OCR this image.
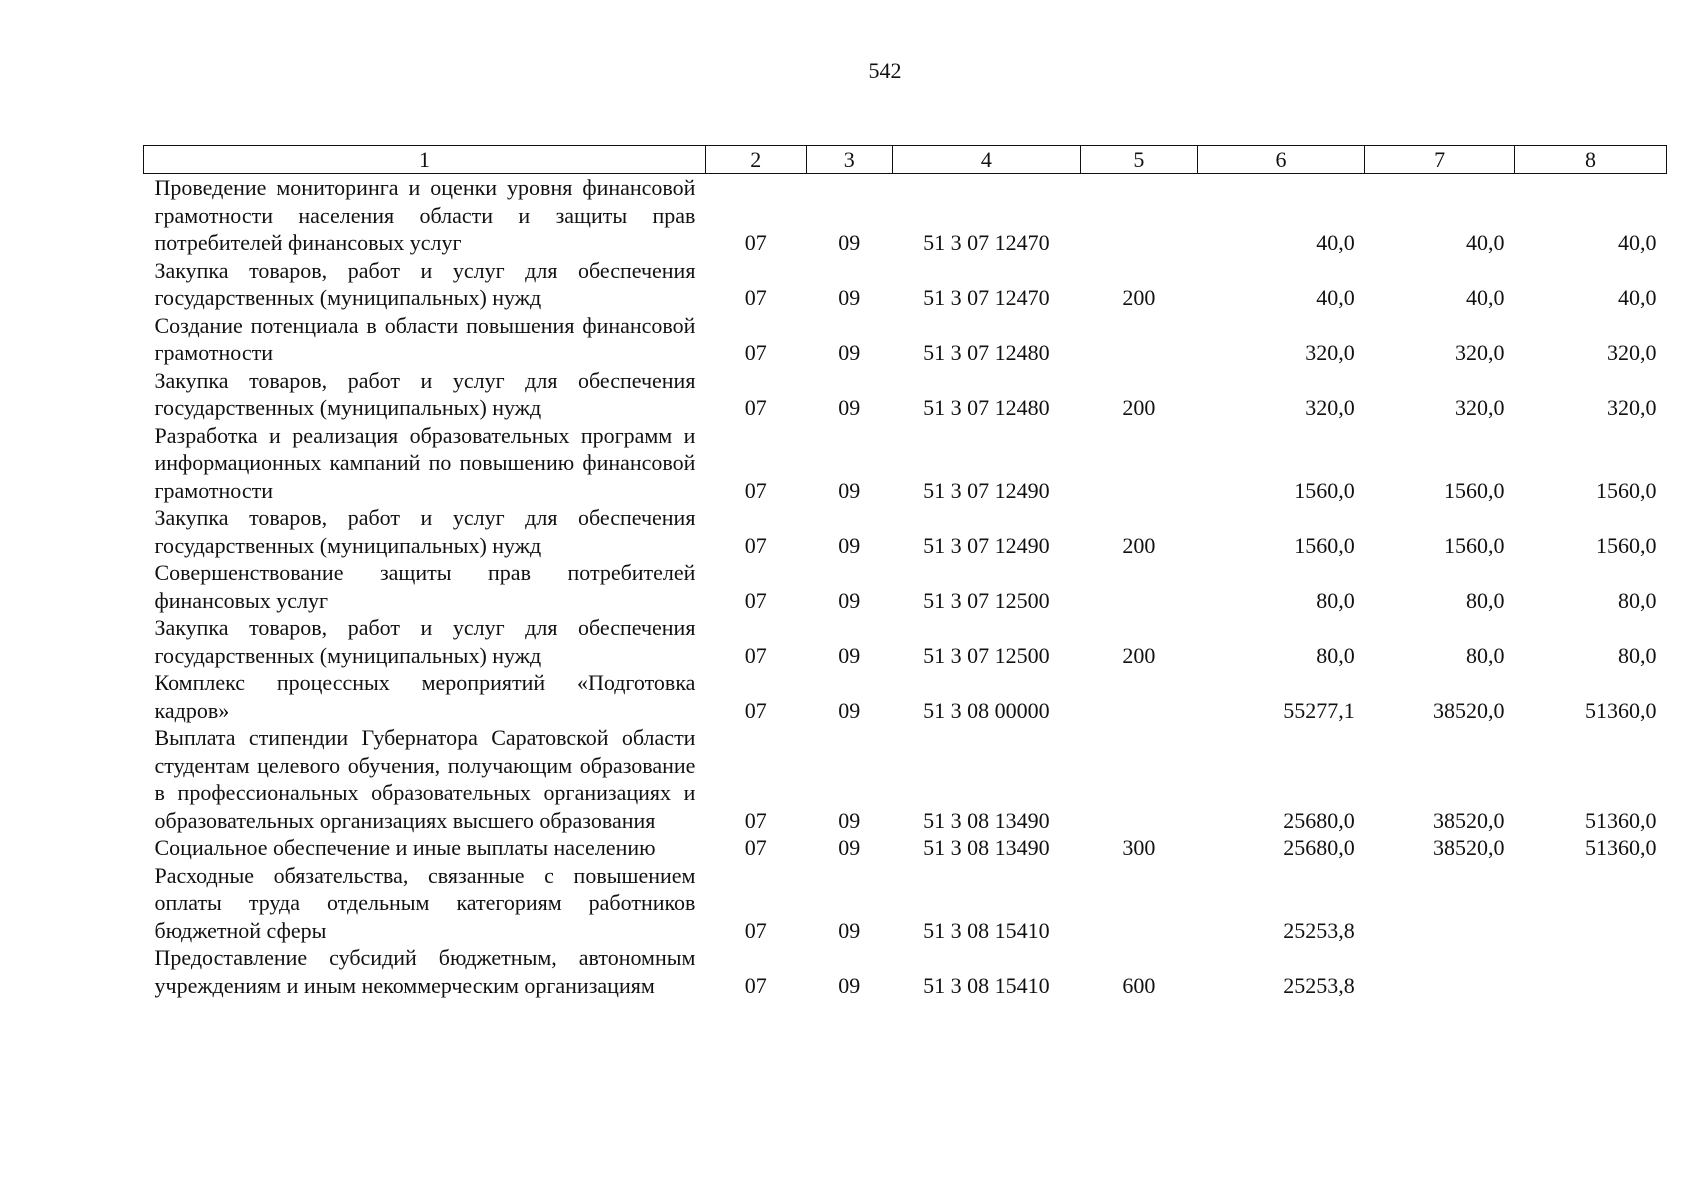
542
1	2	3	4	5	6	7	8
Проведение мониторинга и оценки уровня финансовой грамотности населения области и защиты прав потребителей финансовых услуг	07	09	51 3 07 12470		40,0	40,0	40,0
Закупка товаров, работ и услуг для обеспечения государственных (муниципальных) нужд	07	09	51 3 07 12470	200	40,0	40,0	40,0
Создание потенциала в области повышения финансовой грамотности	07	09	51 3 07 12480		320,0	320,0	320,0
Закупка товаров, работ и услуг для обеспечения государственных (муниципальных) нужд	07	09	51 3 07 12480	200	320,0	320,0	320,0
Разработка и реализация образовательных программ и информационных кампаний по повышению финансовой грамотности	07	09	51 3 07 12490		1560,0	1560,0	1560,0
Закупка товаров, работ и услуг для обеспечения государственных (муниципальных) нужд	07	09	51 3 07 12490	200	1560,0	1560,0	1560,0
Совершенствование защиты прав потребителей финансовых услуг	07	09	51 3 07 12500		80,0	80,0	80,0
Закупка товаров, работ и услуг для обеспечения государственных (муниципальных) нужд	07	09	51 3 07 12500	200	80,0	80,0	80,0
Комплекс процессных мероприятий «Подготовка кадров»	07	09	51 3 08 00000		55277,1	38520,0	51360,0
Выплата стипендии Губернатора Саратовской области студентам целевого обучения, получающим образование в профессиональных образовательных организациях и образовательных организациях высшего образования	07	09	51 3 08 13490		25680,0	38520,0	51360,0
Социальное обеспечение и иные выплаты населению	07	09	51 3 08 13490	300	25680,0	38520,0	51360,0
Расходные обязательства, связанные с повышением оплаты труда отдельным категориям работников бюджетной сферы	07	09	51 3 08 15410		25253,8		
Предоставление субсидий бюджетным, автономным учреждениям и иным некоммерческим организациям	07	09	51 3 08 15410	600	25253,8		
